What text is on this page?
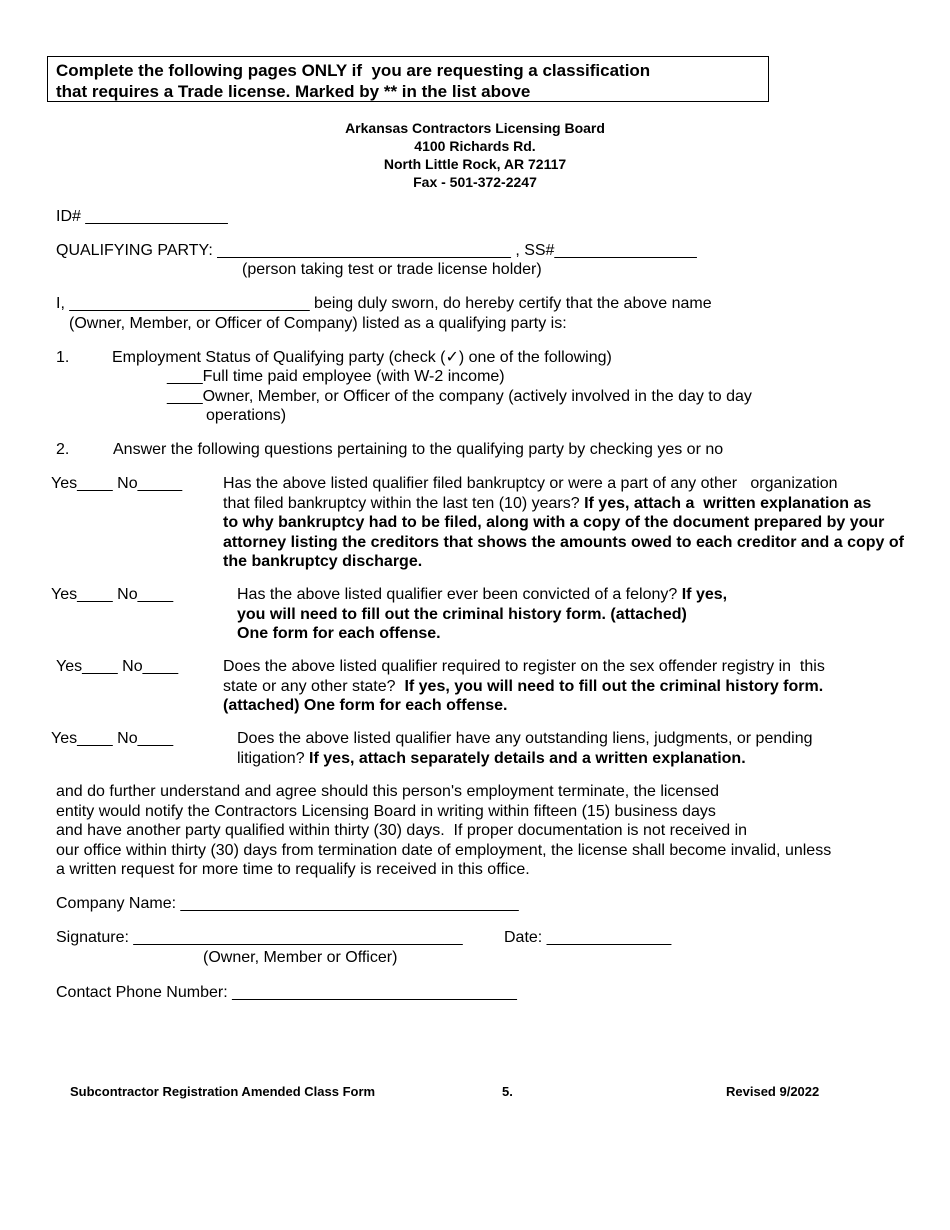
Complete the following pages ONLY if  you are requesting a classification
that requires a Trade license. Marked by ** in the list above
Arkansas Contractors Licensing Board
4100 Richards Rd.
North Little Rock, AR 72117
Fax - 501-372-2247
ID# ________________
QUALIFYING PARTY: _________________________________ , SS#________________
(person taking test or trade license holder)
I, ___________________________ being duly sworn, do hereby certify that the above name
(Owner, Member, or Officer of Company) listed as a qualifying party is:
1.	Employment Status of Qualifying party (check (✓) one of the following)
____Full time paid employee (with W-2 income)
____Owner, Member, or Officer of the company (actively involved in the day to day
operations)
2.	Answer the following questions pertaining to the qualifying party by checking yes or no
Yes____ No_____	Has the above listed qualifier filed bankruptcy or were a part of any other   organization
that filed bankruptcy within the last ten (10) years? If yes, attach a  written explanation as
to why bankruptcy had to be filed, along with a copy of the document prepared by your
attorney listing the creditors that shows the amounts owed to each creditor and a copy of
the bankruptcy discharge.
Yes____ No____	Has the above listed qualifier ever been convicted of a felony? If yes,
you will need to fill out the criminal history form. (attached)
One form for each offense.
Yes____ No____	Does the above listed qualifier required to register on the sex offender registry in  this
state or any other state?  If yes, you will need to fill out the criminal history form.
(attached) One form for each offense.
Yes____ No____	Does the above listed qualifier have any outstanding liens, judgments, or pending
litigation? If yes, attach separately details and a written explanation.
and do further understand and agree should this person's employment terminate, the licensed
entity would notify the Contractors Licensing Board in writing within fifteen (15) business days
and have another party qualified within thirty (30) days.  If proper documentation is not received in
our office within thirty (30) days from termination date of employment, the license shall become invalid, unless
a written request for more time to requalify is received in this office.
Company Name: ______________________________________
Signature: _____________________________________	Date: ______________
(Owner, Member or Officer)
Contact Phone Number: ________________________________
Subcontractor Registration Amended Class Form	5.	Revised 9/2022
